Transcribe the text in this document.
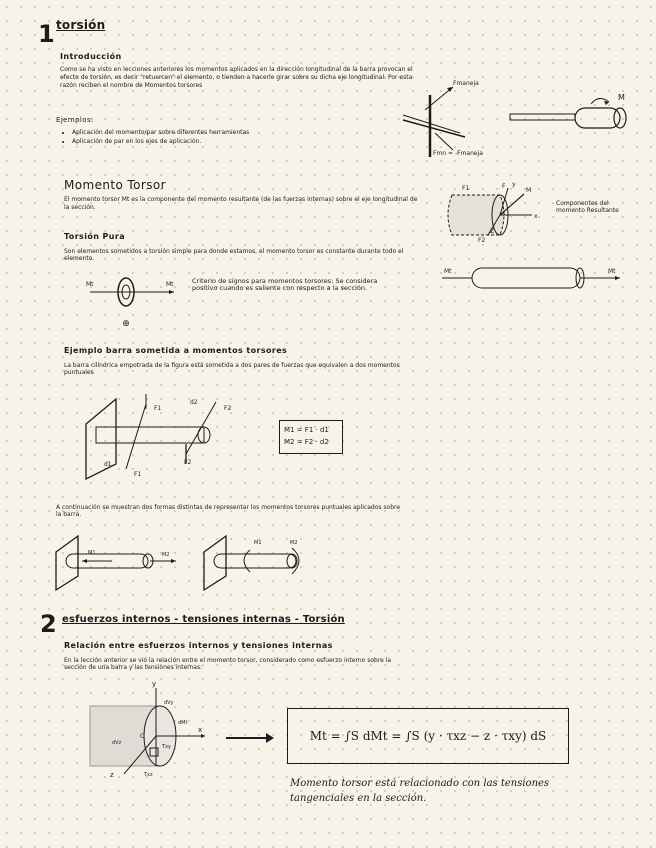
1 torsión
Introducción
Como se ha visto en lecciones anteriores los momentos aplicados en la dirección longitudinal de la barra provocan el efecto de torsión, es decir "retuercen" el elemento, o tienden a hacerlo girar sobre su dicha eje longitudinal. Por esta razón reciben el nombre de Momentos torsores
Ejemplos:
• Aplicación del momento/par sobre diferentes herramientas
• Aplicación de par en los ejes de aplicación.
Fmaneja
Fmn = -Fmaneja
M
Momento Torsor
El momento torsor Mt es la componente del momento resultante (de las fuerzas internas) sobre el eje longitudinal de la sección.
F1	F y
M
x
Z
F2
Componentes del momento Resultante
Torsión Pura
Son elementos sometidos a torsión simple para donde estamos, el momento torsor es constante durante todo el elemento.
Mt	Mt
⊕
Criterio de signos para momentos torsores: Se considera positivo cuando es saliente con respecto a la sección.
Mt	Mt
Ejemplo barra sometida a momentos torsores
La barra cilíndrica empotrada de la figura está sometida a dos pares de fuerzas que equivalen a dos momentos puntuales
F1
d2
F2
d1
F1
F2
M1 = F1 · d1
M2 = F2 · d2
A continuación se muestran dos formas distintas de representar los momentos torsores puntuales aplicados sobre la barra.
M1	M2
M1	M2
2 esfuerzos internos - tensiones internas - Torsión
Relación entre esfuerzos internos y tensiones internas
En la lección anterior se vió la relación entre el momento torsor, considerado como esfuerzo interno sobre la sección de una barra y las tensiones internas:
y
dVy
dMt
dVz
C
Txy
x
z	Txz
Mt = ∫S dMt = ∫S (y · τxz − z · τxy) dS
Momento torsor está relacionado con las tensiones tangenciales en la sección.
